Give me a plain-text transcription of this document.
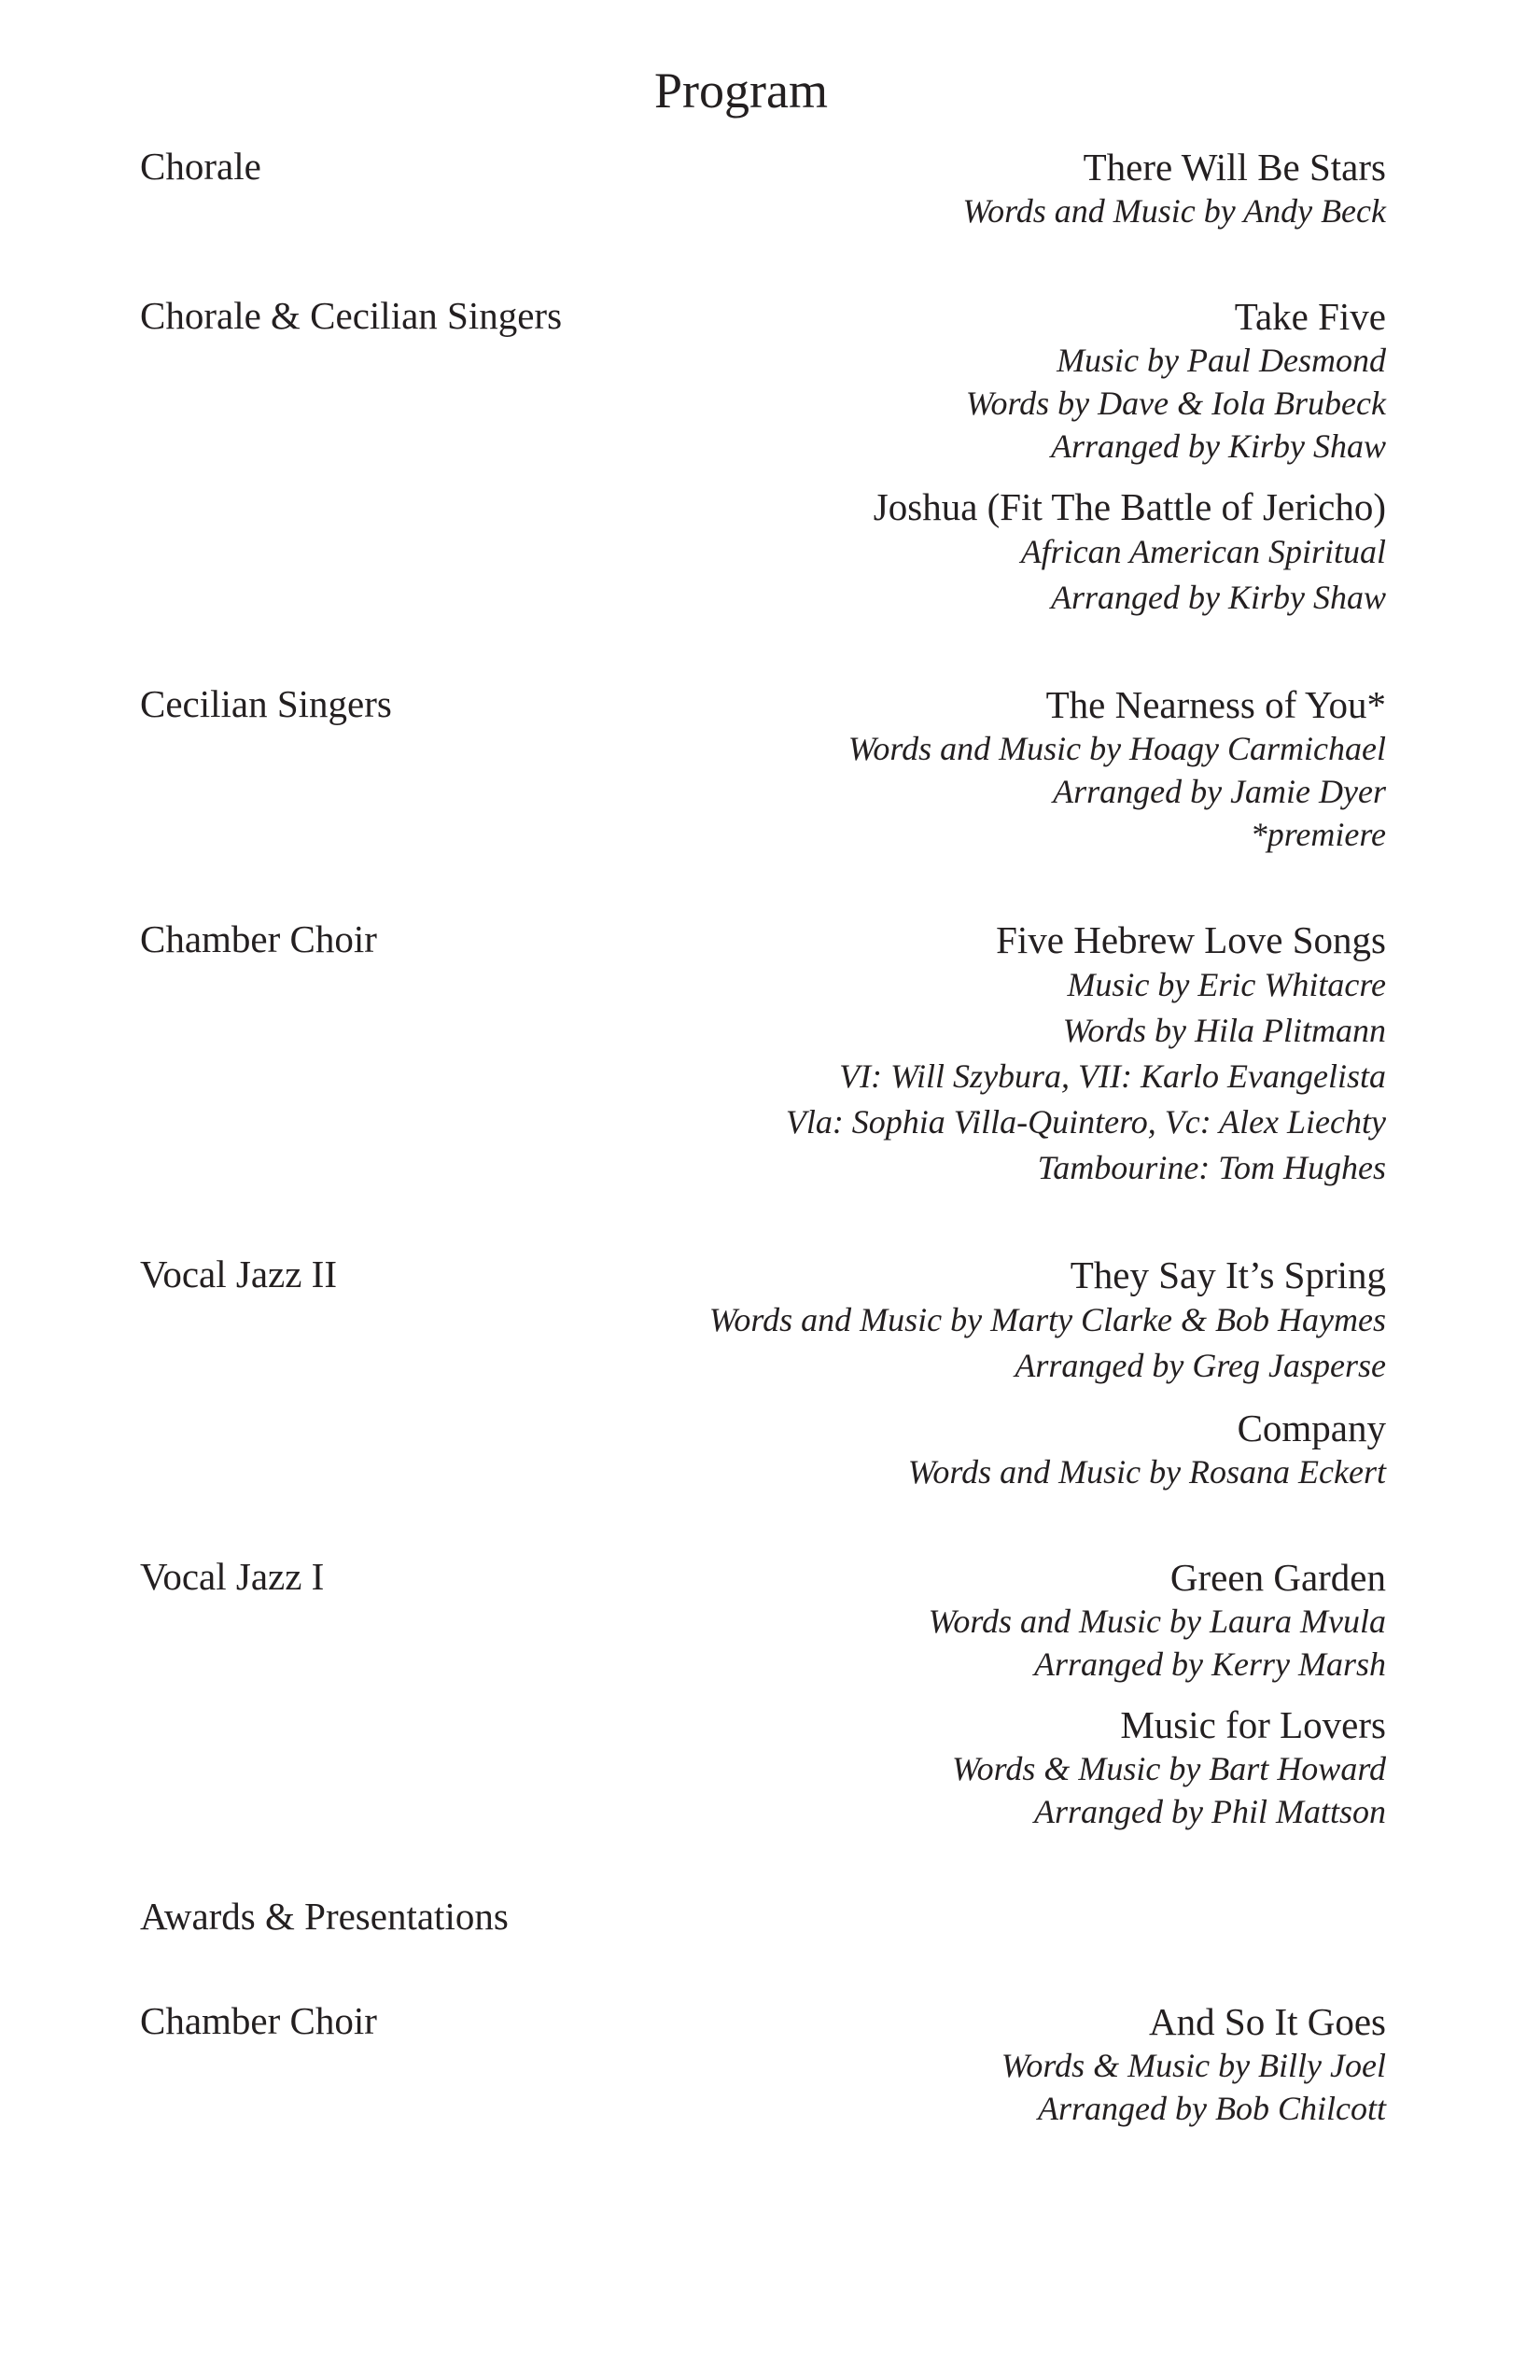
Program
Chorale	There Will Be Stars
Words and Music by Andy Beck
Chorale & Cecilian Singers	Take Five
Music by Paul Desmond
Words by Dave & Iola Brubeck
Arranged by Kirby Shaw
Joshua (Fit The Battle of Jericho)
African American Spiritual
Arranged by Kirby Shaw
Cecilian Singers	The Nearness of You*
Words and Music by Hoagy Carmichael
Arranged by Jamie Dyer
*premiere
Chamber Choir	Five Hebrew Love Songs
Music by Eric Whitacre
Words by Hila Plitmann
VI: Will Szybura, VII: Karlo Evangelista
Vla: Sophia Villa-Quintero, Vc: Alex Liechty
Tambourine: Tom Hughes
Vocal Jazz II	They Say It’s Spring
Words and Music by Marty Clarke & Bob Haymes
Arranged by Greg Jasperse
Company
Words and Music by Rosana Eckert
Vocal Jazz I	Green Garden
Words and Music by Laura Mvula
Arranged by Kerry Marsh
Music for Lovers
Words & Music by Bart Howard
Arranged by Phil Mattson
Awards & Presentations
Chamber Choir	And So It Goes
Words & Music by Billy Joel
Arranged by Bob Chilcott
